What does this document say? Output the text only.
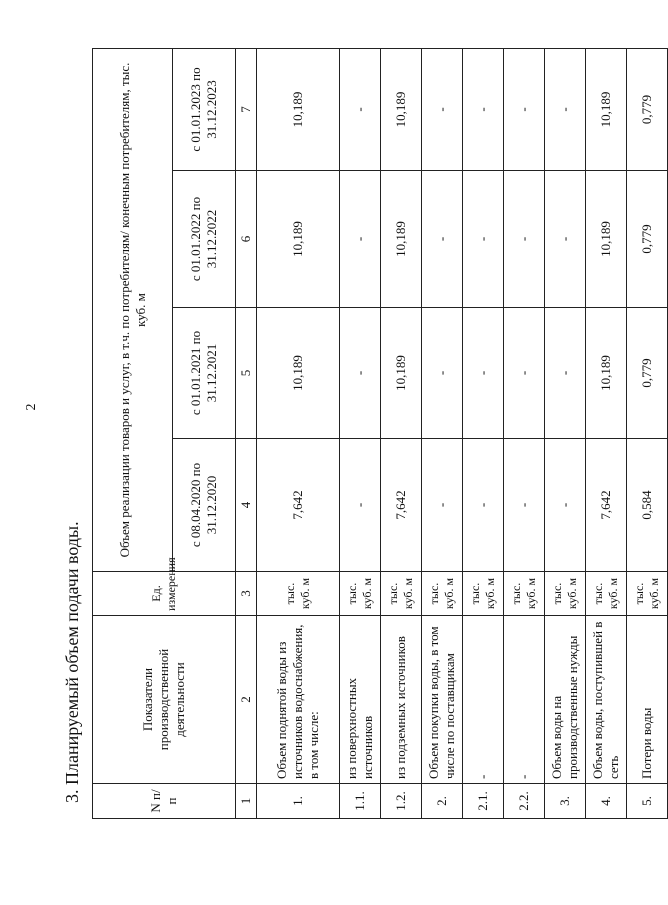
2
3. Планируемый объем подачи воды.	N п/п	Показатели производственной деятельности	Ед. измерения	Объем реализации товаров и услуг, в т.ч. по потребителям/ конечным потребителям, тыс. куб. м			
			с 08.04.2020 по 31.12.2020	с 01.01.2021 по 31.12.2021	с 01.01.2022 по 31.12.2022	с 01.01.2023 по 31.12.2023
1	2	3	4	5	6	7
1.	Объем поднятой воды из источников водоснабжения, в том числе:	тыс. куб. м	7,642	10,189	10,189	10,189
1.1.	из поверхностных источников	тыс. куб. м	-	-	-	-
1.2.	из подземных источников	тыс. куб. м	7,642	10,189	10,189	10,189
2.	Объем покупки воды, в том числе по поставщикам	тыс. куб. м	-	-	-	-
2.1.	-	тыс. куб. м	-	-	-	-
2.2.	-	тыс. куб. м	-	-	-	-
3.	Объем воды на производственные нужды	тыс. куб. м	-	-	-	-
4.	Объем воды, поступившей в сеть	тыс. куб. м	7,642	10,189	10,189	10,189
5.	Потери воды	тыс. куб. м	0,584	0,779	0,779	0,779
